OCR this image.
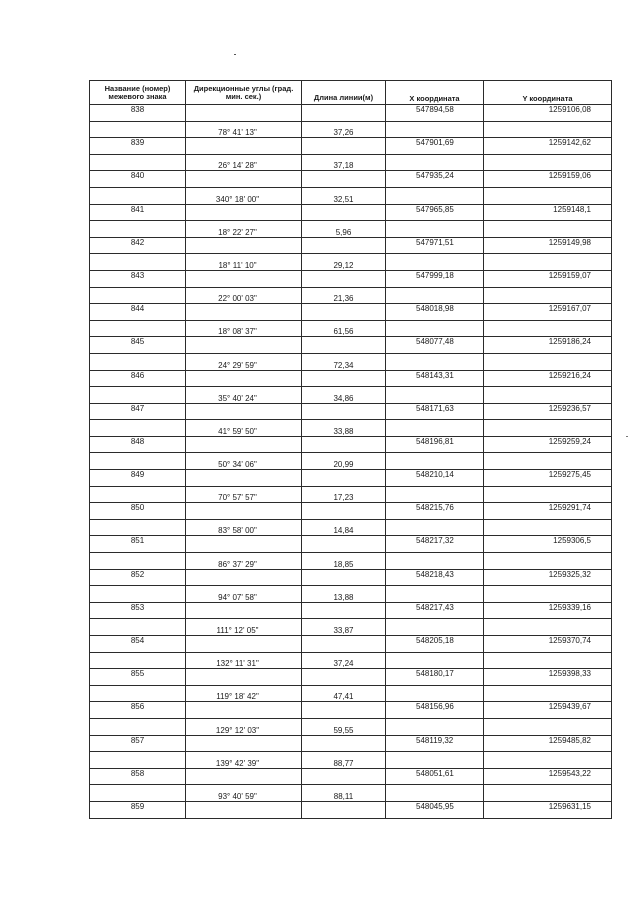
Название (номер) межевого знака	Дирекционные углы (град. мин. сек.)	Длина линии(м)	X координата	Y координата
838			547894,58	1259106,08
	78° 41' 13"	37,26		
839			547901,69	1259142,62
	26° 14' 28"	37,18		
840			547935,24	1259159,06
	340° 18' 00"	32,51		
841			547965,85	1259148,1
	18° 22' 27"	5,96		
842			547971,51	1259149,98
	18° 11' 10"	29,12		
843			547999,18	1259159,07
	22° 00' 03"	21,36		
844			548018,98	1259167,07
	18° 08' 37"	61,56		
845			548077,48	1259186,24
	24° 29' 59"	72,34		
846			548143,31	1259216,24
	35° 40' 24"	34,86		
847			548171,63	1259236,57
	41° 59' 50"	33,88		
848			548196,81	1259259,24
	50° 34' 06"	20,99		
849			548210,14	1259275,45
	70° 57' 57"	17,23		
850			548215,76	1259291,74
	83° 58' 00"	14,84		
851			548217,32	1259306,5
	86° 37' 29"	18,85		
852			548218,43	1259325,32
	94° 07' 58"	13,88		
853			548217,43	1259339,16
	111° 12' 05"	33,87		
854			548205,18	1259370,74
	132° 11' 31"	37,24		
855			548180,17	1259398,33
	119° 18' 42"	47,41		
856			548156,96	1259439,67
	129° 12' 03"	59,55		
857			548119,32	1259485,82
	139° 42' 39"	88,77		
858			548051,61	1259543,22
	93° 40' 59"	88,11		
859			548045,95	1259631,15
